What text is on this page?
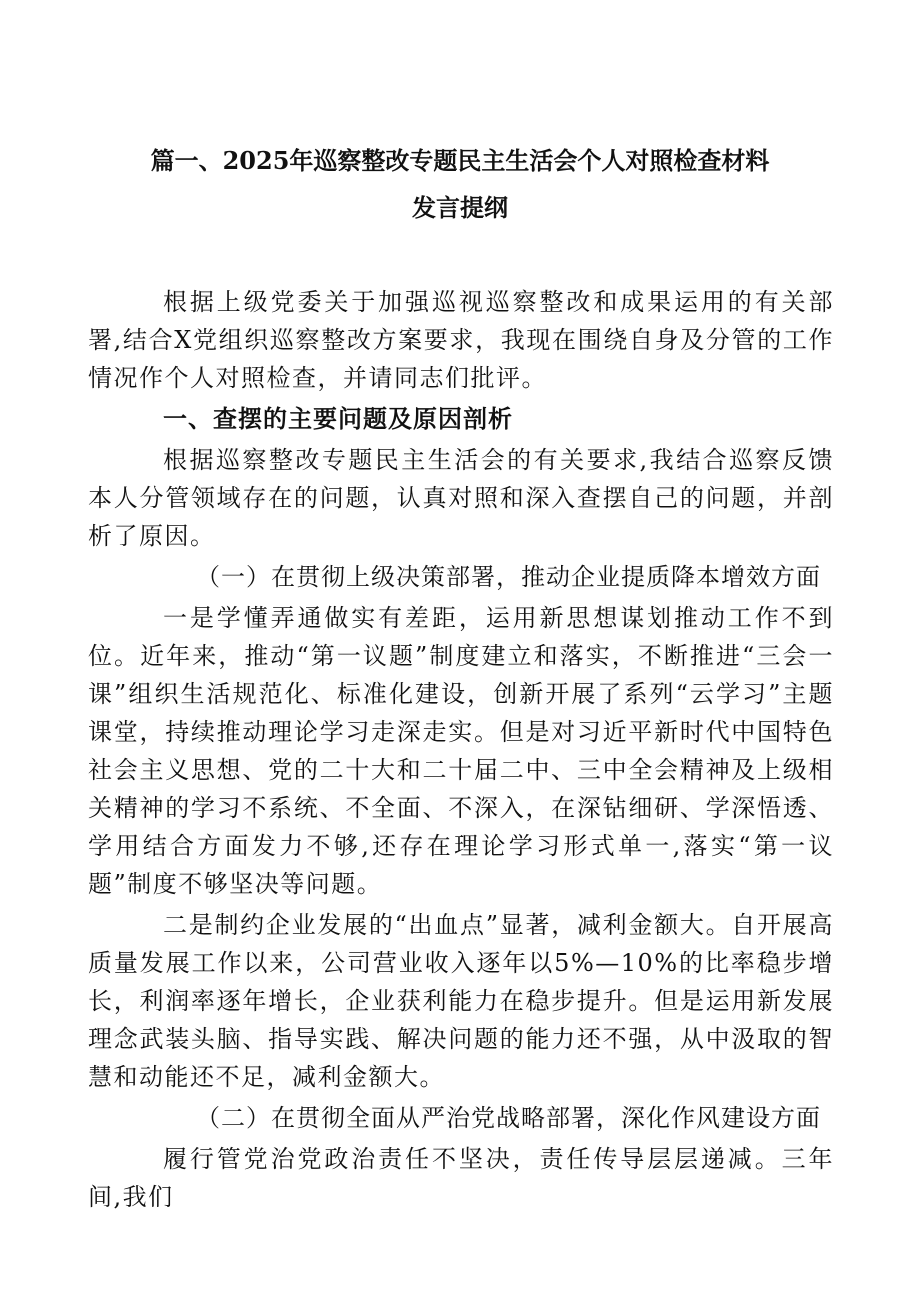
篇一、2025年巡察整改专题民主生活会个人对照检查材料
发言提纲

根据上级党委关于加强巡视巡察整改和成果运用的有关部署,结合X党组织巡察整改方案要求，我现在围绕自身及分管的工作情况作个人对照检查，并请同志们批评。

一、查摆的主要问题及原因剖析

根据巡察整改专题民主生活会的有关要求,我结合巡察反馈本人分管领域存在的问题，认真对照和深入查摆自己的问题，并剖析了原因。

（一）在贯彻上级决策部署，推动企业提质降本增效方面

一是学懂弄通做实有差距，运用新思想谋划推动工作不到位。近年来，推动“第一议题”制度建立和落实，不断推进“三会一课”组织生活规范化、标准化建设，创新开展了系列“云学习”主题课堂，持续推动理论学习走深走实。但是对习近平新时代中国特色社会主义思想、党的二十大和二十届二中、三中全会精神及上级相关精神的学习不系统、不全面、不深入，在深钻细研、学深悟透、学用结合方面发力不够,还存在理论学习形式单一,落实“第一议题”制度不够坚决等问题。

二是制约企业发展的“出血点”显著，减利金额大。自开展高质量发展工作以来，公司营业收入逐年以5%—10%的比率稳步增长，利润率逐年增长，企业获利能力在稳步提升。但是运用新发展理念武装头脑、指导实践、解决问题的能力还不强，从中汲取的智慧和动能还不足，减利金额大。

（二）在贯彻全面从严治党战略部署，深化作风建设方面

履行管党治党政治责任不坚决，责任传导层层递减。三年间,我们
